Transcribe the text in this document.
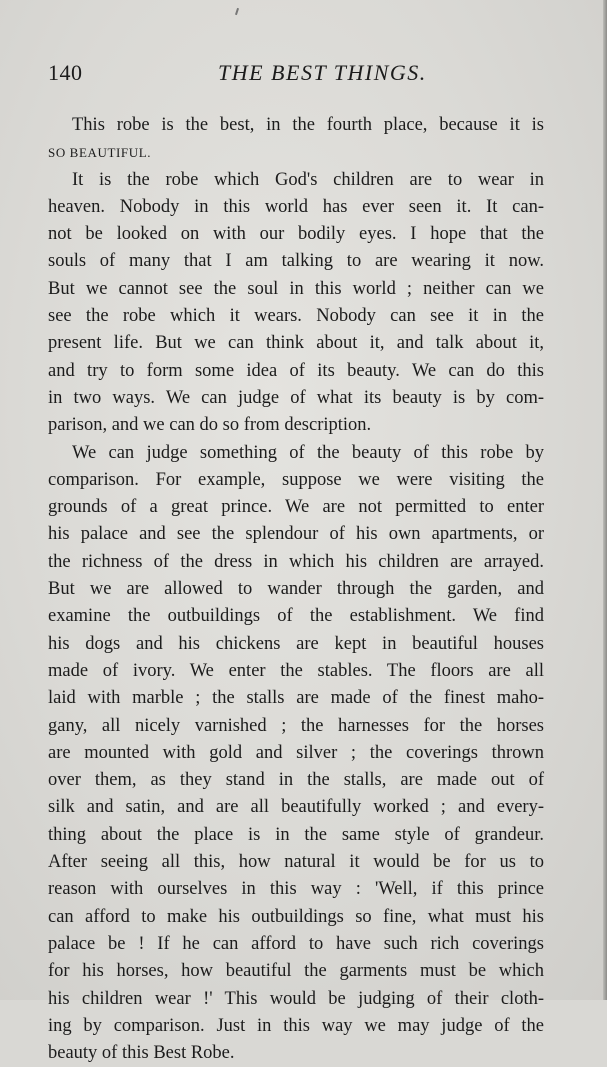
140	THE BEST THINGS.
This robe is the best, in the fourth place, because it is
SO BEAUTIFUL.
It is the robe which God's children are to wear in
heaven. Nobody in this world has ever seen it. It can-
not be looked on with our bodily eyes. I hope that the
souls of many that I am talking to are wearing it now.
But we cannot see the soul in this world ; neither can we
see the robe which it wears. Nobody can see it in the
present life. But we can think about it, and talk about it,
and try to form some idea of its beauty. We can do this
in two ways. We can judge of what its beauty is by com-
parison, and we can do so from description.
We can judge something of the beauty of this robe by
comparison. For example, suppose we were visiting the
grounds of a great prince. We are not permitted to enter
his palace and see the splendour of his own apartments, or
the richness of the dress in which his children are arrayed.
But we are allowed to wander through the garden, and
examine the outbuildings of the establishment. We find
his dogs and his chickens are kept in beautiful houses
made of ivory. We enter the stables. The floors are all
laid with marble ; the stalls are made of the finest maho-
gany, all nicely varnished ; the harnesses for the horses
are mounted with gold and silver ; the coverings thrown
over them, as they stand in the stalls, are made out of
silk and satin, and are all beautifully worked ; and every-
thing about the place is in the same style of grandeur.
After seeing all this, how natural it would be for us to
reason with ourselves in this way : 'Well, if this prince
can afford to make his outbuildings so fine, what must his
palace be ! If he can afford to have such rich coverings
for his horses, how beautiful the garments must be which
his children wear !' This would be judging of their cloth-
ing by comparison. Just in this way we may judge of the
beauty of this Best Robe.
